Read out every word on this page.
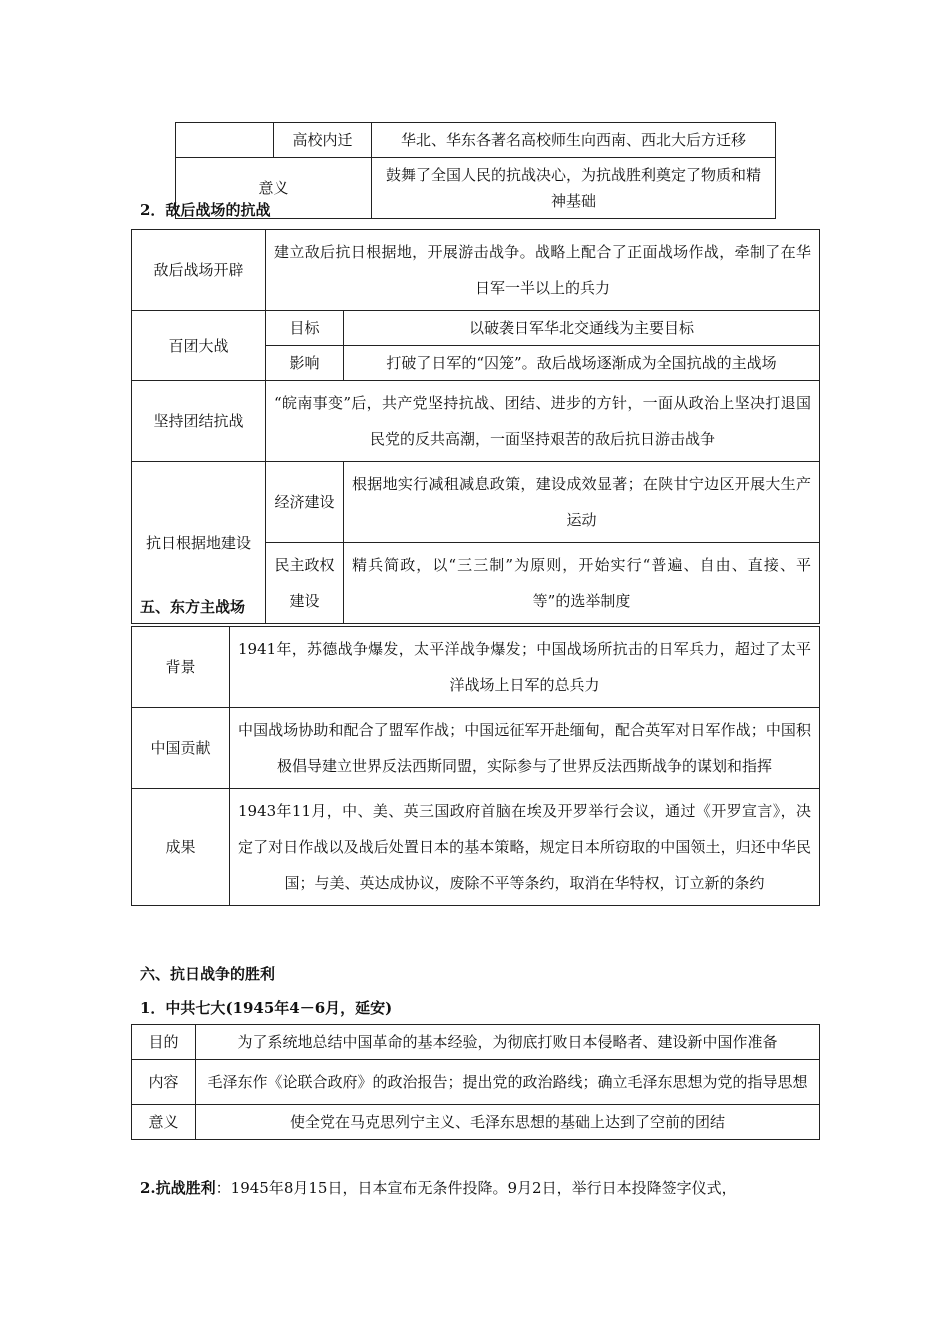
	高校内迁	华北、华东各著名高校师生向西南、西北大后方迁移
意义		鼓舞了全国人民的抗战决心，为抗战胜利奠定了物质和精神基础
2．敌后战场的抗战
敌后战场开辟	建立敌后抗日根据地，开展游击战争。战略上配合了正面战场作战，牵制了在华日军一半以上的兵力	
百团大战	目标	以破袭日军华北交通线为主要目标
	影响	打破了日军的“囚笼”。敌后战场逐渐成为全国抗战的主战场
坚持团结抗战	“皖南事变”后，共产党坚持抗战、团结、进步的方针，一面从政治上坚决打退国民党的反共高潮，一面坚持艰苦的敌后抗日游击战争	
抗日根据地建设	经济建设	根据地实行减租减息政策，建设成效显著；在陕甘宁边区开展大生产运动
	民主政权建设	精兵简政，以“三三制”为原则，开始实行“普遍、自由、直接、平等”的选举制度
五、东方主战场
背景	1941年，苏德战争爆发，太平洋战争爆发；中国战场所抗击的日军兵力，超过了太平洋战场上日军的总兵力
中国贡献	中国战场协助和配合了盟军作战；中国远征军开赴缅甸，配合英军对日军作战；中国积极倡导建立世界反法西斯同盟，实际参与了世界反法西斯战争的谋划和指挥
成果	1943年11月，中、美、英三国政府首脑在埃及开罗举行会议，通过《开罗宣言》，决定了对日作战以及战后处置日本的基本策略，规定日本所窃取的中国领土，归还中华民国；与美、英达成协议，废除不平等条约，取消在华特权，订立新的条约
六、抗日战争的胜利
1．中共七大(1945年4－6月，延安)
目的	为了系统地总结中国革命的基本经验，为彻底打败日本侵略者、建设新中国作准备
内容	毛泽东作《论联合政府》的政治报告；提出党的政治路线；确立毛泽东思想为党的指导思想
意义	使全党在马克思列宁主义、毛泽东思想的基础上达到了空前的团结
2.抗战胜利：1945年8月15日，日本宣布无条件投降。9月2日，举行日本投降签字仪式，
